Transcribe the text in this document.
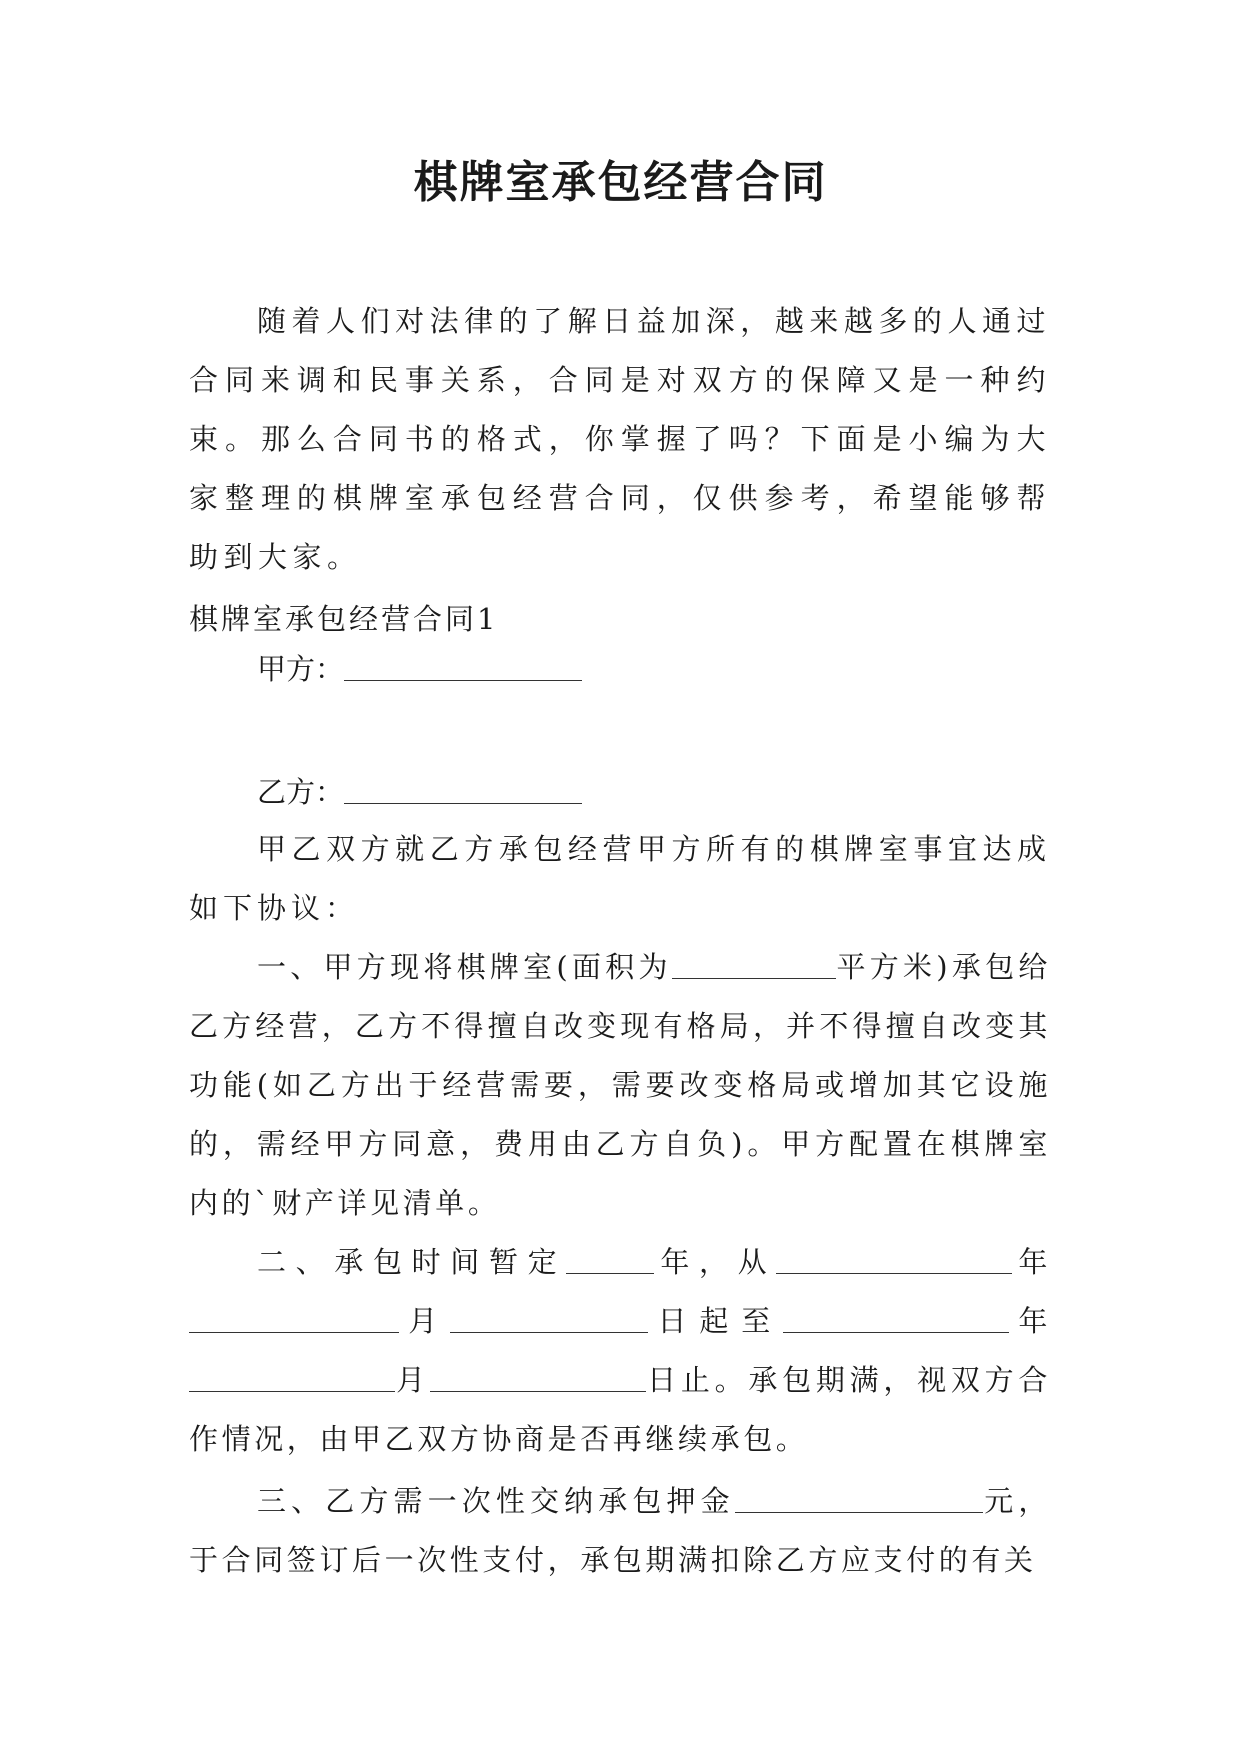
棋牌室承包经营合同

随着人们对法律的了解日益加深，越来越多的人通过合同来调和民事关系，合同是对双方的保障又是一种约束。那么合同书的格式，你掌握了吗？下面是小编为大家整理的棋牌室承包经营合同，仅供参考，希望能够帮助到大家。

棋牌室承包经营合同1

甲方：

乙方：

甲乙双方就乙方承包经营甲方所有的棋牌室事宜达成如下协议：

一、甲方现将棋牌室(面积为	平方米)承包给乙方经营，乙方不得擅自改变现有格局，并不得擅自改变其功能(如乙方出于经营需要，需要改变格局或增加其它设施的，需经甲方同意，费用由乙方自负)。甲方配置在棋牌室内的`财产详见清单。

二、承包时间暂定	年，从	年月	日起至	年月	日止。承包期满，视双方合作情况，由甲乙双方协商是否再继续承包。

三、乙方需一次性交纳承包押金	元，于合同签订后一次性支付，承包期满扣除乙方应支付的有关
